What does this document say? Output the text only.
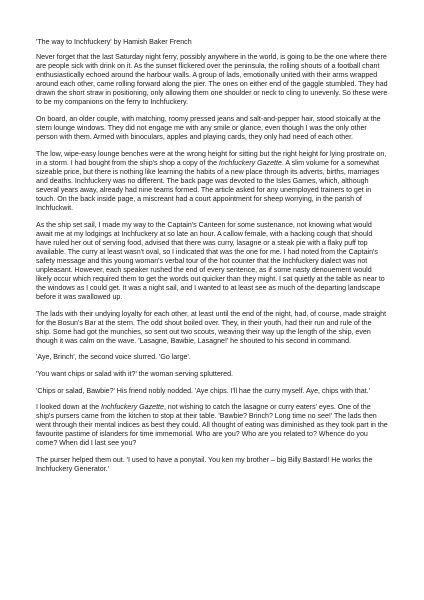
'The way to Inchfuckery' by Hamish Baker French

Never forget that the last Saturday night ferry, possibly anywhere in the world, is going to be the one where there are people sick with drink on it. As the sunset flickered over the peninsula, the rolling shouts of a football chant enthusiastically echoed around the harbour walls. A group of lads, emotionally united with their arms wrapped around each other, came rolling forward along the pier. The ones on either end of the gaggle stumbled. They had drawn the short straw in positioning, only allowing them one shoulder or neck to cling to unevenly. So these were to be my companions on the ferry to Inchfuckery.

On board, an older couple, with matching, roomy pressed jeans and salt-and-pepper hair, stood stoically at the stern lounge windows. They did not engage me with any smile or glance, even though I was the only other person with them. Armed with binoculars, apples and playing cards, they only had need of each other.

The low, wipe-easy lounge benches were at the wrong height for sitting but the right height for lying prostrate on, in a storm. I had bought from the ship's shop a copy of the Inchfuckery Gazette. A slim volume for a somewhat sizeable price, but there is nothing like learning the habits of a new place through its adverts, births, marriages and deaths. Inchfuckery was no different. The back page was devoted to the Isles Games, which, although several years away, already had nine teams formed. The article asked for any unemployed trainers to get in touch. On the back inside page, a miscreant had a court appointment for sheep worrying, in the parish of Inchfuckwit.

As the ship set sail, I made my way to the Captain's Canteen for some sustenance, not knowing what would await me at my lodgings at Inchfuckery at so late an hour. A callow female, with a hacking cough that should have ruled her out of serving food, advised that there was curry, lasagne or a steak pie with a flaky puff top available. The curry at least wasn't oval, so I indicated that was the one for me. I had noted from the Captain's safety message and this young woman's verbal tour of the hot counter that the Inchfuckery dialect was not unpleasant. However, each speaker rushed the end of every sentence, as if some nasty denouement would likely occur which required them to get the words out quicker than they might. I sat quietly at the table as near to the windows as I could get. It was a night sail, and I wanted to at least see as much of the departing landscape before it was swallowed up.

The lads with their undying loyalty for each other, at least until the end of the night, had, of course, made straight for the Bosun's Bar at the stern. The odd shout boiled over. They, in their youth, had their run and rule of the ship. Some had got the munchies, so sent out two scouts, weaving their way up the length of the ship, even though it was calm on the wave. 'Lasagne, Bawbie, Lasagne!' he shouted to his second in command.

'Aye, Brinch', the second voice slurred. 'Go large'.

'You want chips or salad with it?' the woman serving spluttered.

'Chips or salad, Bawbie?' His friend nobly nodded. 'Aye chips. I'll hae the curry myself. Aye, chips with that.'

I looked down at the Inchfuckery Gazette, not wishing to catch the lasagne or curry eaters' eyes. One of the ship's pursers came from the kitchen to stop at their table. 'Bawbie? Brinch? Long time no see!' The lads then went through their mental indices as best they could. All thought of eating was diminished as they took part in the favourite pastime of islanders for time immemorial. Who are you? Who are you related to? Whence do you come? When did I last see you?

The purser helped them out. 'I used to have a ponytail. You ken my brother – big Billy Bastard! He works the Inchfuckery Generator.'
